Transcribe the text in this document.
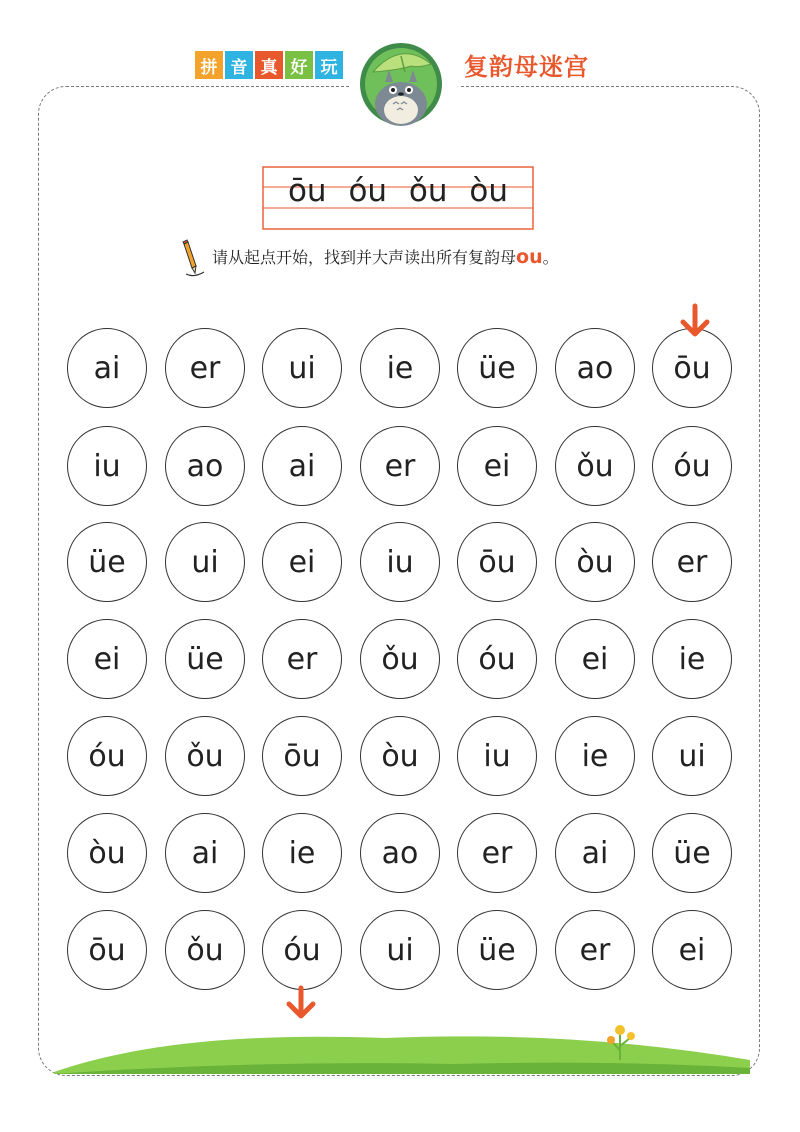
拼 音 真 好 玩	复韵母迷宫
ōu óu ǒu òu
请从起点开始，找到并大声读出所有复韵母ou。
ai	er	ui	ie	üe	ao	ōu
iu	ao	ai	er	ei	ǒu	óu
üe	ui	ei	iu	ōu	òu	er
ei	üe	er	ǒu	óu	ei	ie
óu	ǒu	ōu	òu	iu	ie	ui
òu	ai	ie	ao	er	ai	üe
ōu	ǒu	óu	ui	üe	er	ei
